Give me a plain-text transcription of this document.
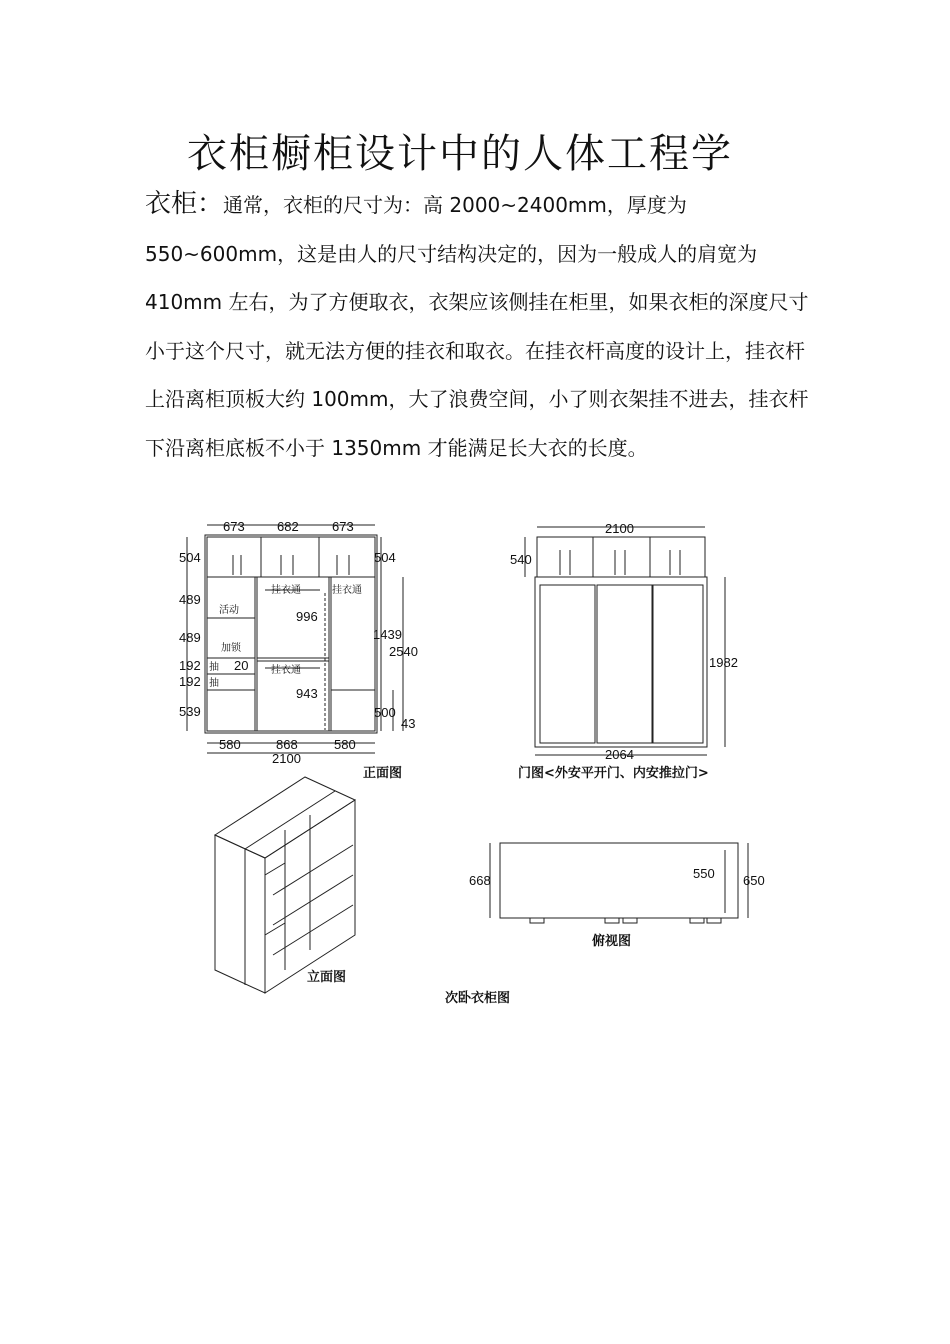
衣柜橱柜设计中的人体工程学

衣柜：通常，衣柜的尺寸为：高 2000~2400mm，厚度为 550~600mm，这是由人的尺寸结构决定的，因为一般成人的肩宽为 410mm 左右，为了方便取衣，衣架应该侧挂在柜里，如果衣柜的深度尺寸小于这个尺寸，就无法方便的挂衣和取衣。在挂衣杆高度的设计上，挂衣杆上沿离柜顶板大约 100mm，大了浪费空间，小了则衣架挂不进去，挂衣杆下沿离柜底板不小于 1350mm 才能满足长大衣的长度。

673 682	673
504
489
489
192
192
539
504
1439
2540
500
43
活动
加锁
抽
抽
20
挂衣通	挂衣通
挂衣通
996
943
580	868	580
2100
正面图
2100
540
1982
2064
门图<外安平开门、内安推拉门>
立面图
668	550 650
俯视图
次卧衣柜图
